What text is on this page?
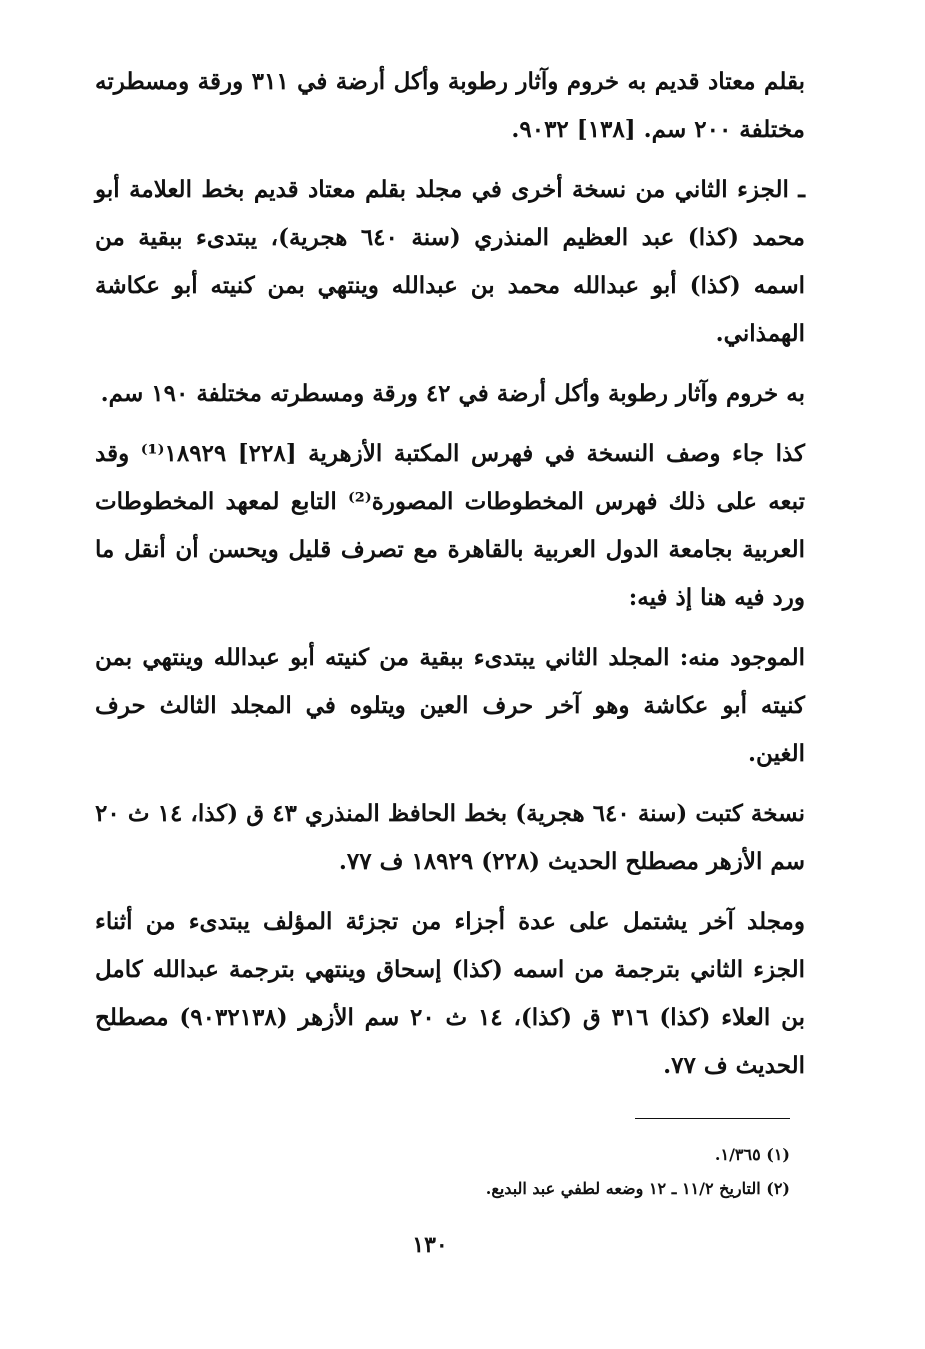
بقلم معتاد قديم به خروم وآثار رطوبة وأكل أرضة في ٣١١ ورقة ومسطرته مختلفة ٢٠٠ سم. [١٣٨] ٩٠٣٢.

ـ الجزء الثاني من نسخة أخرى في مجلد بقلم معتاد قديم بخط العلامة أبو محمد (كذا) عبد العظيم المنذري (سنة ٦٤٠ هجرية)، يبتدىء ببقية من اسمه (كذا) أبو عبدالله محمد بن عبدالله وينتهي بمن كنيته أبو عكاشة الهمذاني.

به خروم وآثار رطوبة وأكل أرضة في ٤٢ ورقة ومسطرته مختلفة ١٩٠ سم.

كذا جاء وصف النسخة في فهرس المكتبة الأزهرية [٢٢٨] ١٨٩٢٩⁽¹⁾ وقد تبعه على ذلك فهرس المخطوطات المصورة⁽²⁾ التابع لمعهد المخطوطات العربية بجامعة الدول العربية بالقاهرة مع تصرف قليل ويحسن أن أنقل ما ورد فيه هنا إذ فيه:

الموجود منه: المجلد الثاني يبتدىء ببقية من كنيته أبو عبدالله وينتهي بمن كنيته أبو عكاشة وهو آخر حرف العين ويتلوه في المجلد الثالث حرف الغين.

نسخة كتبت (سنة ٦٤٠ هجرية) بخط الحافظ المنذري ٤٣ ق (كذا، ١٤ ث ٢٠ سم الأزهر مصطلح الحديث (٢٢٨) ١٨٩٢٩ ف ٧٧.

ومجلد آخر يشتمل على عدة أجزاء من تجزئة المؤلف يبتدىء من أثناء الجزء الثاني بترجمة من اسمه (كذا) إسحاق وينتهي بترجمة عبدالله كامل بن العلاء (كذا) ٣١٦ ق (كذا)، ١٤ ث ٢٠ سم الأزهر (٩٠٣٢١٣٨) مصطلح الحديث ف ٧٧.

(١) ١/٣٦٥.

(٢) التاريخ ١١/٢ ـ ١٢ وضعه لطفي عبد البديع.

١٣٠
